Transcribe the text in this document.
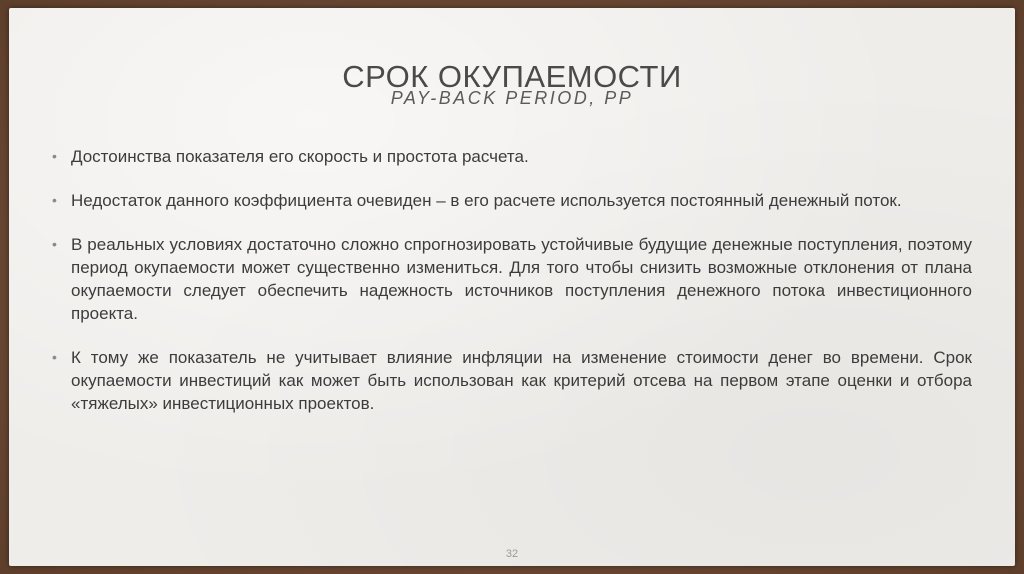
СРОК ОКУПАЕМОСТИ
PAY-BACK PERIOD, PP
• Достоинства показателя его скорость и простота расчета.
• Недостаток данного коэффициента очевиден – в его расчете используется постоянный денежный поток.
• В реальных условиях достаточно сложно спрогнозировать устойчивые будущие денежные поступления, поэтому период окупаемости может существенно измениться. Для того чтобы снизить возможные отклонения от плана окупаемости следует обеспечить надежность источников поступления денежного потока инвестиционного проекта.
• К тому же показатель не учитывает влияние инфляции на изменение стоимости денег во времени. Срок окупаемости инвестиций как может быть использован как критерий отсева на первом этапе оценки и отбора «тяжелых» инвестиционных проектов.
32
